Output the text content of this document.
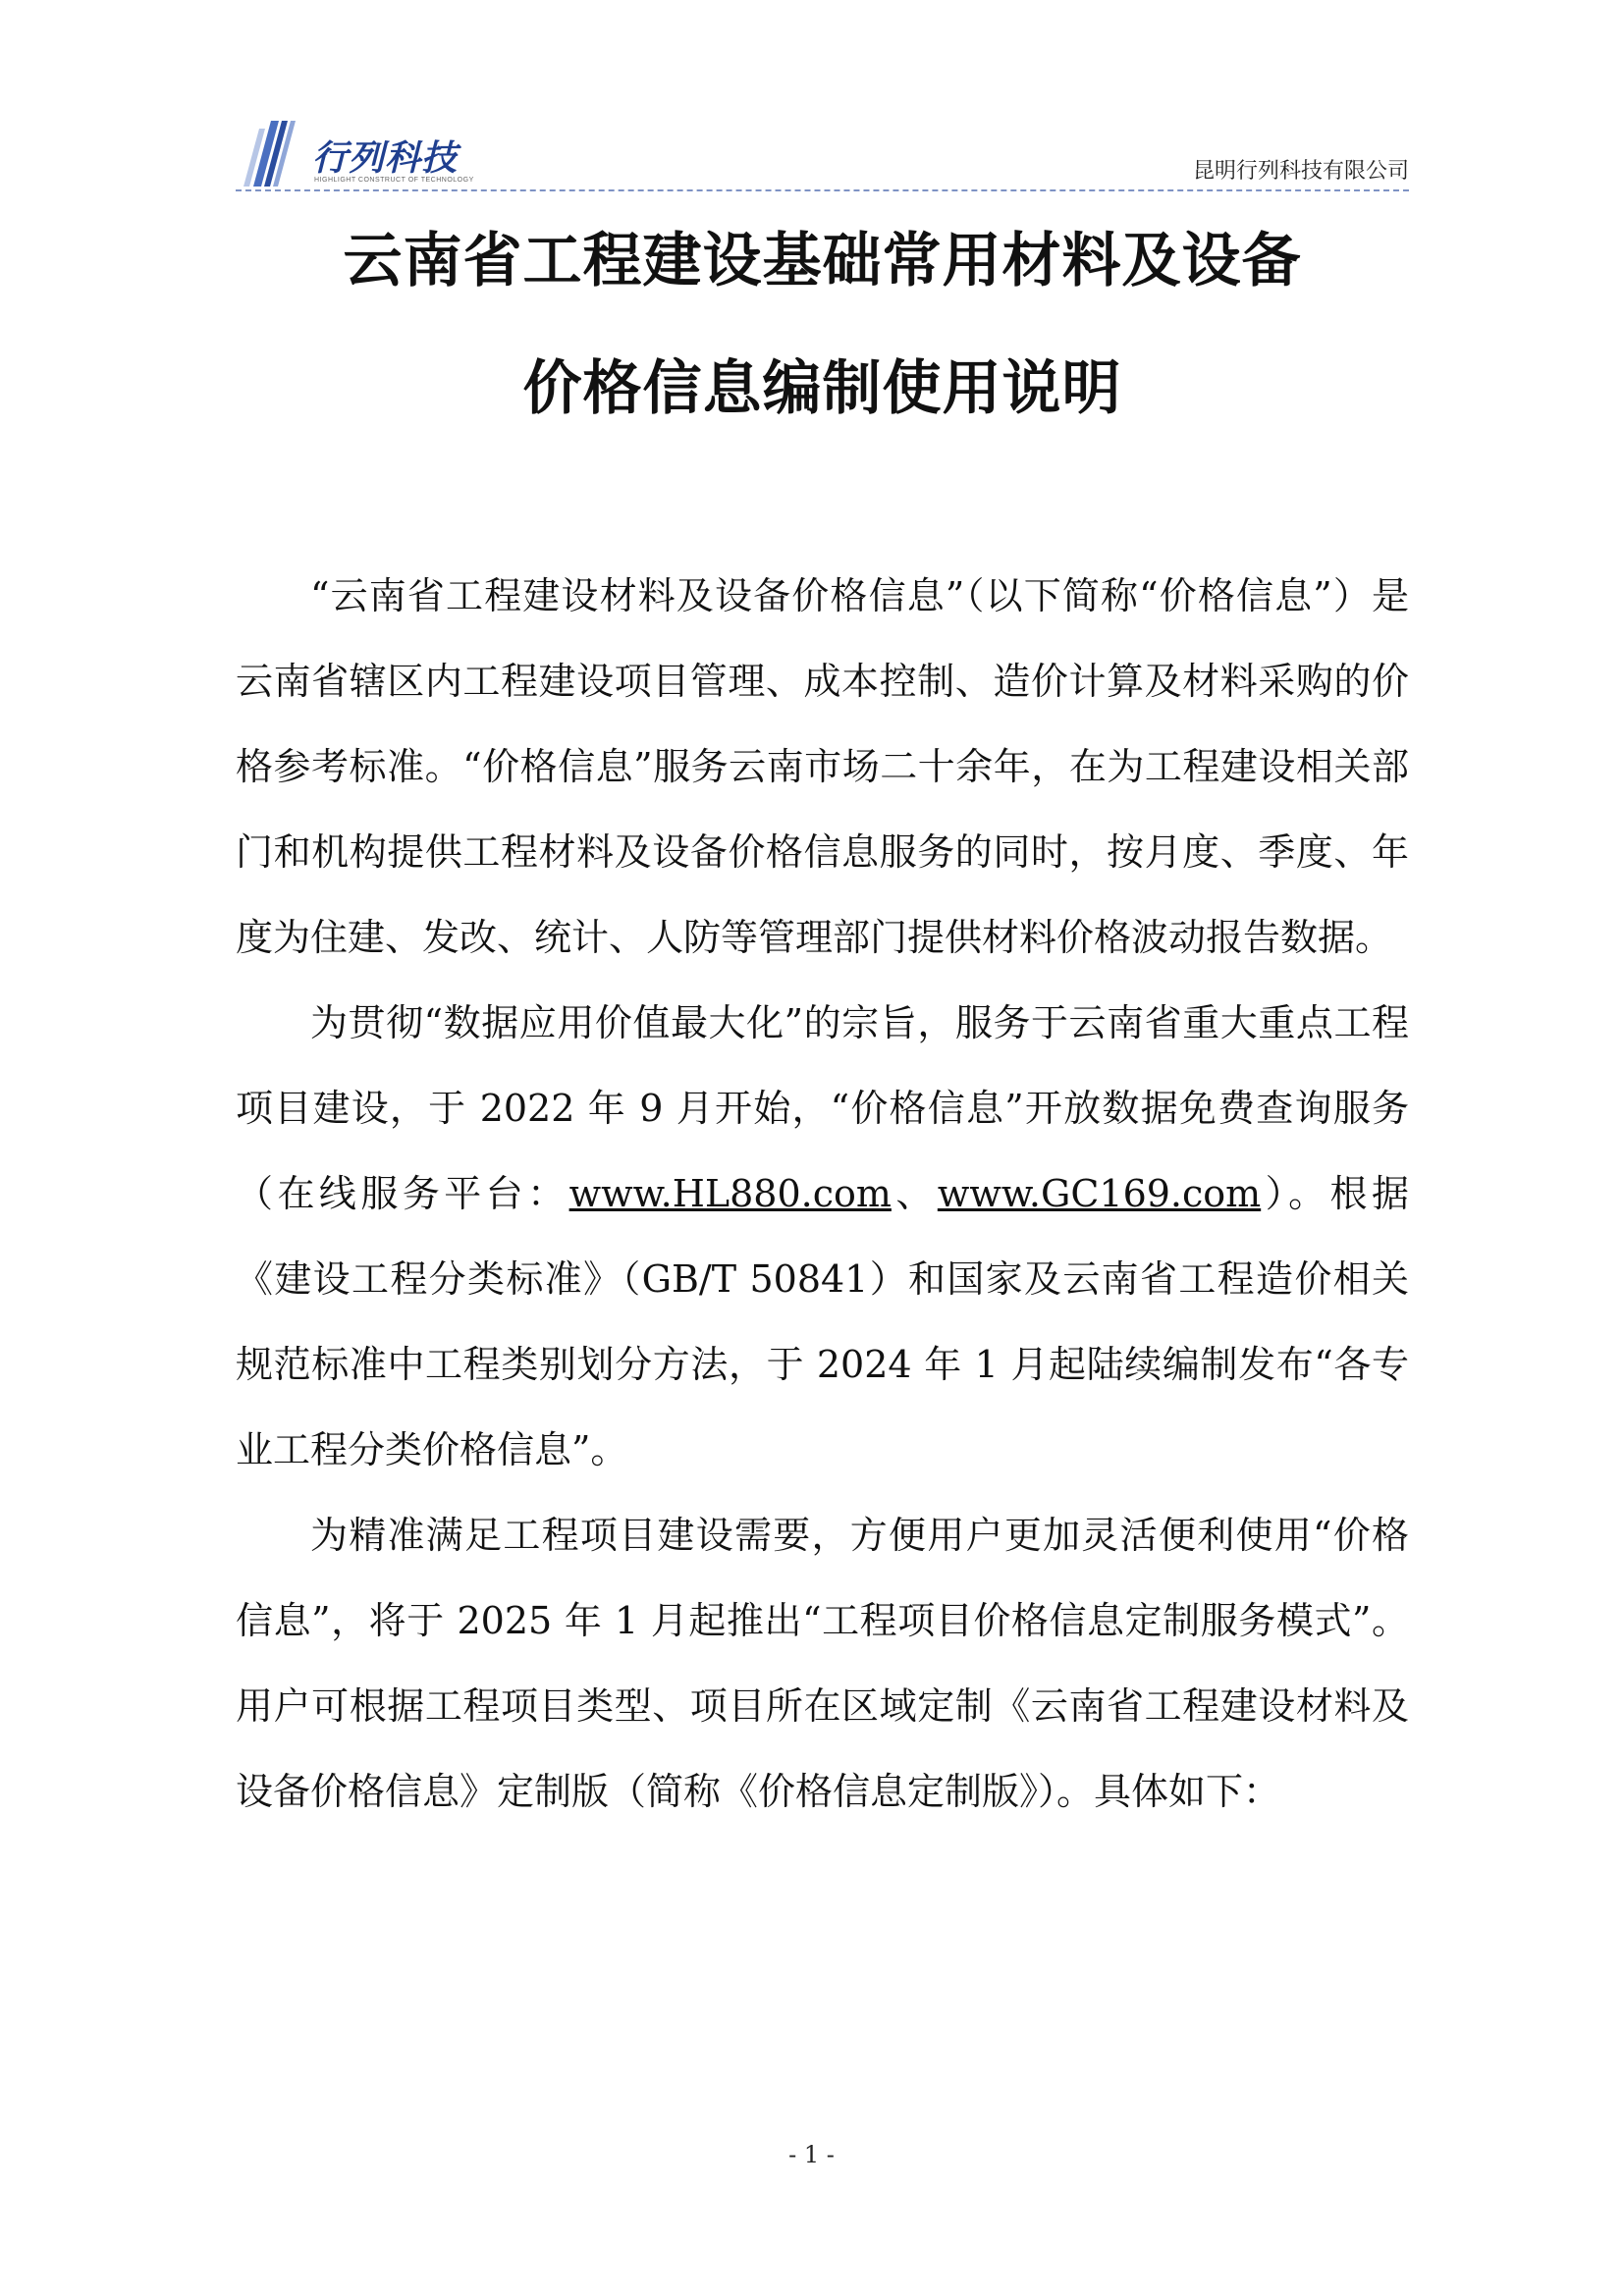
行列科技
HIGHLIGHT CONSTRUCT OF TECHNOLOGY	昆明行列科技有限公司
云南省工程建设基础常用材料及设备
价格信息编制使用说明

“云南省工程建设材料及设备价格信息”（以下简称“价格信息”）是云南省辖区内工程建设项目管理、成本控制、造价计算及材料采购的价格参考标准。“价格信息”服务云南市场二十余年，在为工程建设相关部门和机构提供工程材料及设备价格信息服务的同时，按月度、季度、年度为住建、发改、统计、人防等管理部门提供材料价格波动报告数据。

为贯彻“数据应用价值最大化”的宗旨，服务于云南省重大重点工程项目建设，于 2022 年 9 月开始，“价格信息”开放数据免费查询服务（在线服务平台：www.HL880.com、www.GC169.com）。根据《建设工程分类标准》（GB/T 50841）和国家及云南省工程造价相关规范标准中工程类别划分方法，于 2024 年 1 月起陆续编制发布“各专业工程分类价格信息”。

为精准满足工程项目建设需要，方便用户更加灵活便利使用“价格信息”，将于 2025 年 1 月起推出“工程项目价格信息定制服务模式”。用户可根据工程项目类型、项目所在区域定制《云南省工程建设材料及设备价格信息》定制版（简称《价格信息定制版》）。具体如下：

- 1 -
